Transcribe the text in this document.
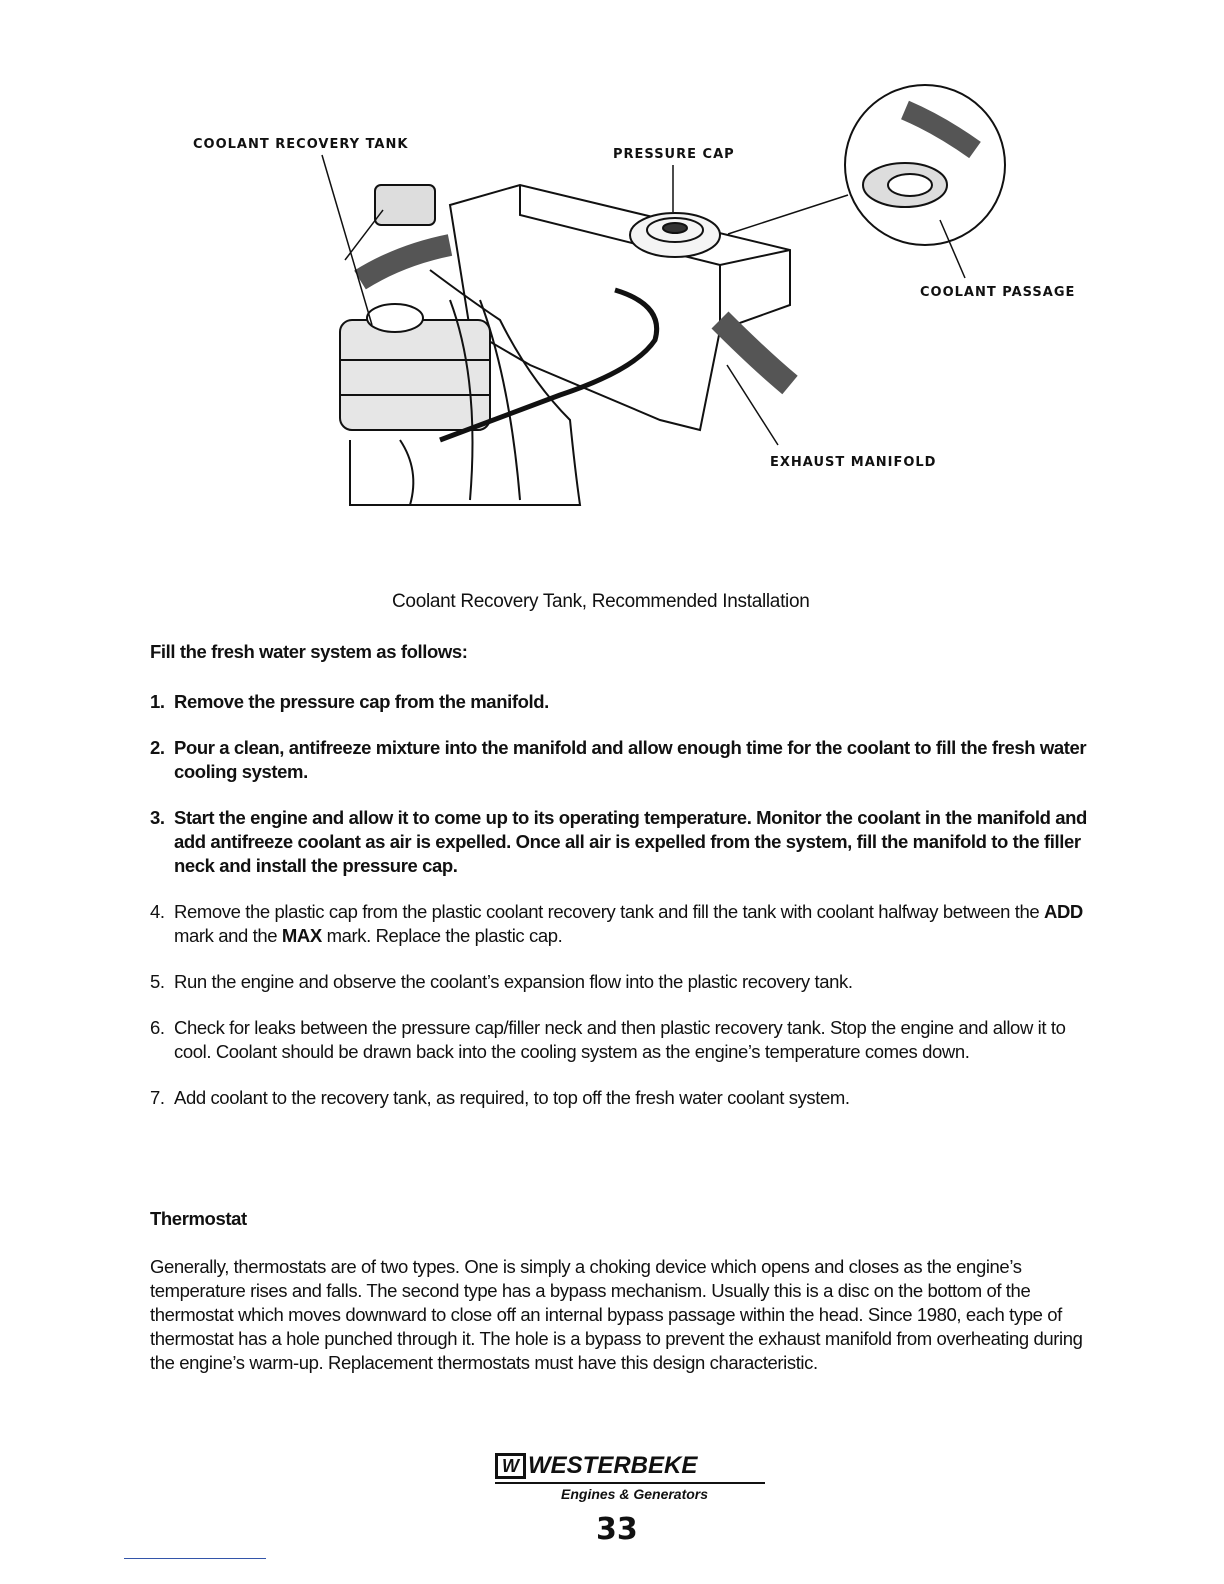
COOLANT RECOVERY TANK
PRESSURE CAP
COOLANT PASSAGE
EXHAUST MANIFOLD
Coolant Recovery Tank, Recommended Installation
Fill the fresh water system as follows:
1. Remove the pressure cap from the manifold.
2. Pour a clean, antifreeze mixture into the manifold and allow enough time for the coolant to fill the fresh water cooling system.
3. Start the engine and allow it to come up to its operating temperature. Monitor the coolant in the manifold and add antifreeze coolant as air is expelled. Once all air is expelled from the system, fill the manifold to the filler neck and install the pressure cap.
4. Remove the plastic cap from the plastic coolant recovery tank and fill the tank with coolant halfway between the ADD mark and the MAX mark. Replace the plastic cap.
5. Run the engine and observe the coolant’s expansion flow into the plastic recovery tank.
6. Check for leaks between the pressure cap/filler neck and then plastic recovery tank. Stop the engine and allow it to cool. Coolant should be drawn back into the cooling system as the engine’s temperature comes down.
7. Add coolant to the recovery tank, as required, to top off the fresh water coolant system.
Thermostat
Generally, thermostats are of two types. One is simply a choking device which opens and closes as the engine’s temperature rises and falls. The second type has a bypass mechanism. Usually this is a disc on the bottom of the thermostat which moves downward to close off an internal bypass passage within the head. Since 1980, each type of thermostat has a hole punched through it. The hole is a bypass to prevent the exhaust manifold from overheating during the engine’s warm-up. Replacement thermostats must have this design characteristic.
W WESTERBEKE
Engines & Generators
33
